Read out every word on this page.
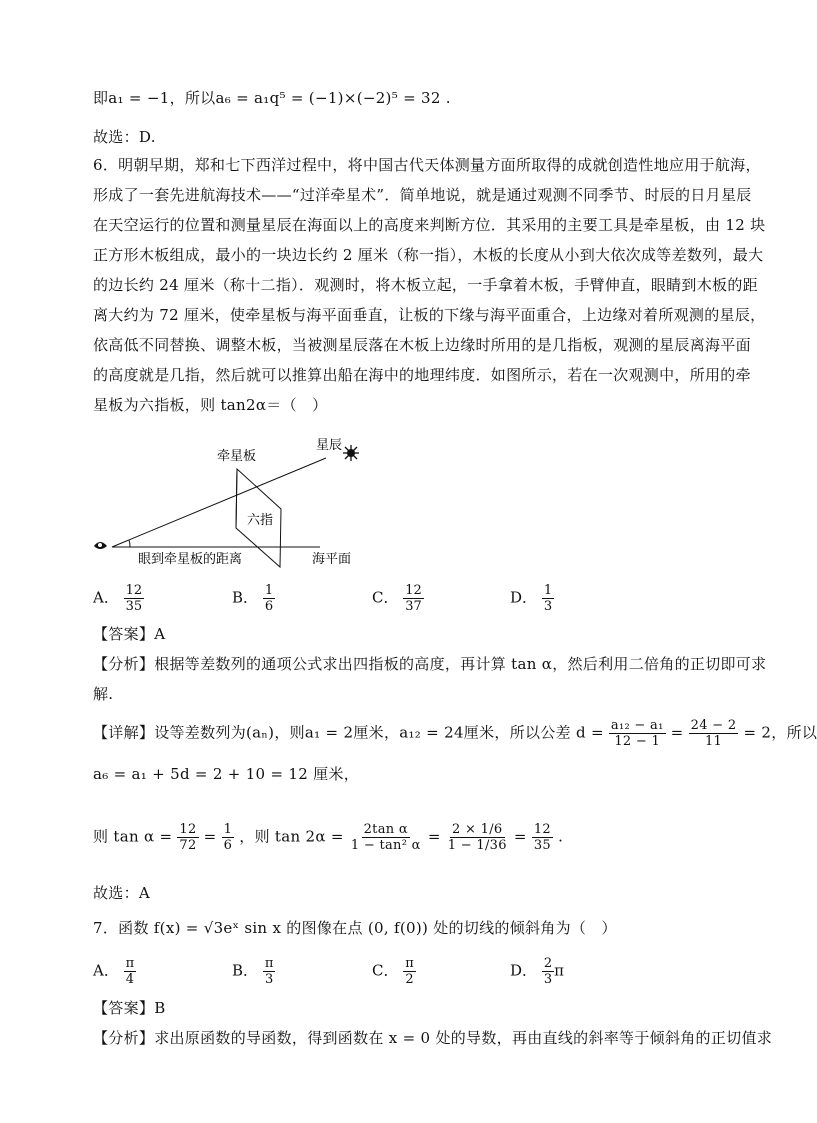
即a₁ = −1，所以a₆ = a₁q⁵ = (−1)×(−2)⁵ = 32 .
故选：D.
6．明朝早期，郑和七下西洋过程中，将中国古代天体测量方面所取得的成就创造性地应用于航海，
形成了一套先进航海技术——“过洋牵星术”．简单地说，就是通过观测不同季节、时辰的日月星辰
在天空运行的位置和测量星辰在海面以上的高度来判断方位．其采用的主要工具是牵星板，由 12 块
正方形木板组成，最小的一块边长约 2 厘米（称一指），木板的长度从小到大依次成等差数列，最大
的边长约 24 厘米（称十二指）．观测时，将木板立起，一手拿着木板，手臂伸直，眼睛到木板的距
离大约为 72 厘米，使牵星板与海平面垂直，让板的下缘与海平面重合，上边缘对着所观测的星辰，
依高低不同替换、调整木板，当被测星辰落在木板上边缘时所用的是几指板，观测的星辰离海平面
的高度就是几指，然后就可以推算出船在海中的地理纬度．如图所示，若在一次观测中，所用的牵
星板为六指板，则 tan2α＝（　）
星辰
牵星板
六指
眼到牵星板的距离	海平面
A． $\frac{12}{35}$	B． $\frac{1}{6}$	C． $\frac{12}{37}$	D． $\frac{1}{3}$
【答案】A
【分析】根据等差数列的通项公式求出四指板的高度，再计算 tan α，然后利用二倍角的正切即可求
解.
【详解】设等差数列为(aₙ)，则a₁ = 2厘米，a₁₂ = 24厘米，所以公差 $d = \frac{\text{a₁₂ − a₁}}{12 - 1} = \frac{24 - 2}{11} = 2$，所以
a₆ = a₁ + 5d = 2 + 10 = 12 厘米，
则 $\tan \alpha = \frac{12}{72} = \frac{1}{6}$ ，则 $\tan 2\alpha = \frac{\text{2tan α}}{\text{1 − tan² α}} = \frac{2 \times 1/6}{1 - 1/36} = \frac{12}{35}$ .
故选：A
7．函数 f(x) = √3eˣ sin x 的图像在点 (0, f(0)) 处的切线的倾斜角为（　）
A． $\frac{\pi}{4}$	B． $\frac{\pi}{3}$	C． $\frac{\pi}{2}$	D． $\frac{2}{3}$ π
【答案】B
【分析】求出原函数的导函数，得到函数在 x = 0 处的导数，再由直线的斜率等于倾斜角的正切值求
